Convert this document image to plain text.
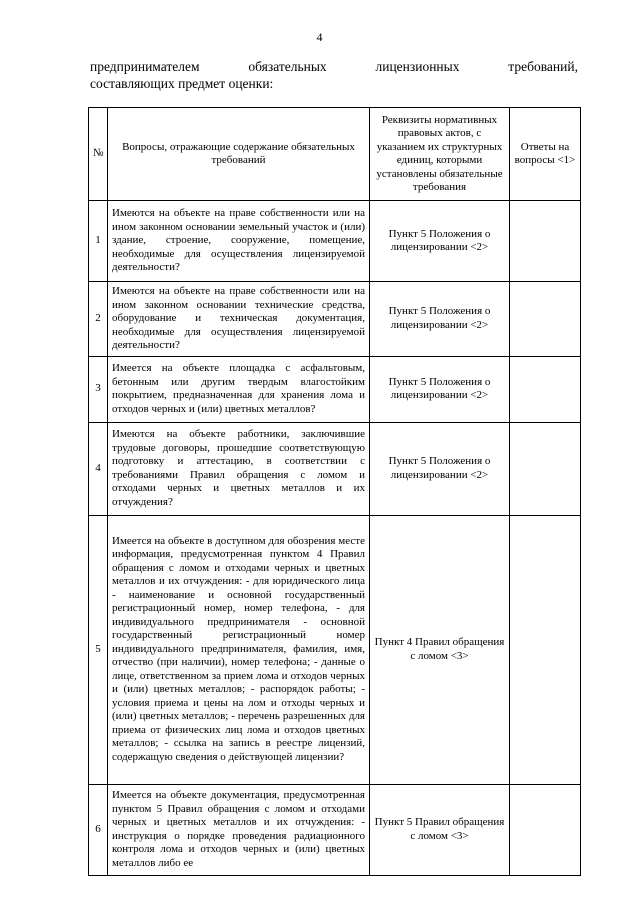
4
предпринимателем	обязательных	лицензионных	требований,
составляющих предмет оценки:
№	Вопросы, отражающие содержание обязательных требований	Реквизиты нормативных правовых актов, с указанием их структурных единиц, которыми установлены обязательные требования	Ответы на вопросы <1>
1	Имеются на объекте на праве собственности или на ином законном основании земельный участок и (или) здание, строение, сооружение, помещение, необходимые для осуществления лицензируемой деятельности?	Пункт 5 Положения о лицензировании <2>	
2	Имеются на объекте на праве собственности или на ином законном основании технические средства, оборудование и техническая документация, необходимые для осуществления лицензируемой деятельности?	Пункт 5 Положения о лицензировании <2>	
3	Имеется на объекте площадка с асфальтовым, бетонным или другим твердым влагостойким покрытием, предназначенная для хранения лома и отходов черных и (или) цветных металлов?	Пункт 5 Положения о лицензировании <2>	
4	Имеются на объекте работники, заключившие трудовые договоры, прошедшие соответствующую подготовку и аттестацию, в соответствии с требованиями Правил обращения с ломом и отходами черных и цветных металлов и их отчуждения?	Пункт 5 Положения о лицензировании <2>	
5	Имеется на объекте в доступном для обозрения месте информация, предусмотренная пунктом 4 Правил обращения с ломом и отходами черных и цветных металлов и их отчуждения: - для юридического лица - наименование и основной государственный регистрационный номер, номер телефона, - для индивидуального предпринимателя - основной государственный регистрационный номер индивидуального предпринимателя, фамилия, имя, отчество (при наличии), номер телефона; - данные о лице, ответственном за прием лома и отходов черных и (или) цветных металлов; - распорядок работы; - условия приема и цены на лом и отходы черных и (или) цветных металлов; - перечень разрешенных для приема от физических лиц лома и отходов цветных металлов; - ссылка на запись в реестре лицензий, содержащую сведения о действующей лицензии?	Пункт 4 Правил обращения с ломом <3>	
6	Имеется на объекте документация, предусмотренная пунктом 5 Правил обращения с ломом и отходами черных и цветных металлов и их отчуждения: - инструкция о порядке проведения радиационного контроля лома и отходов черных и (или) цветных металлов либо ее	Пункт 5 Правил обращения с ломом <3>	
